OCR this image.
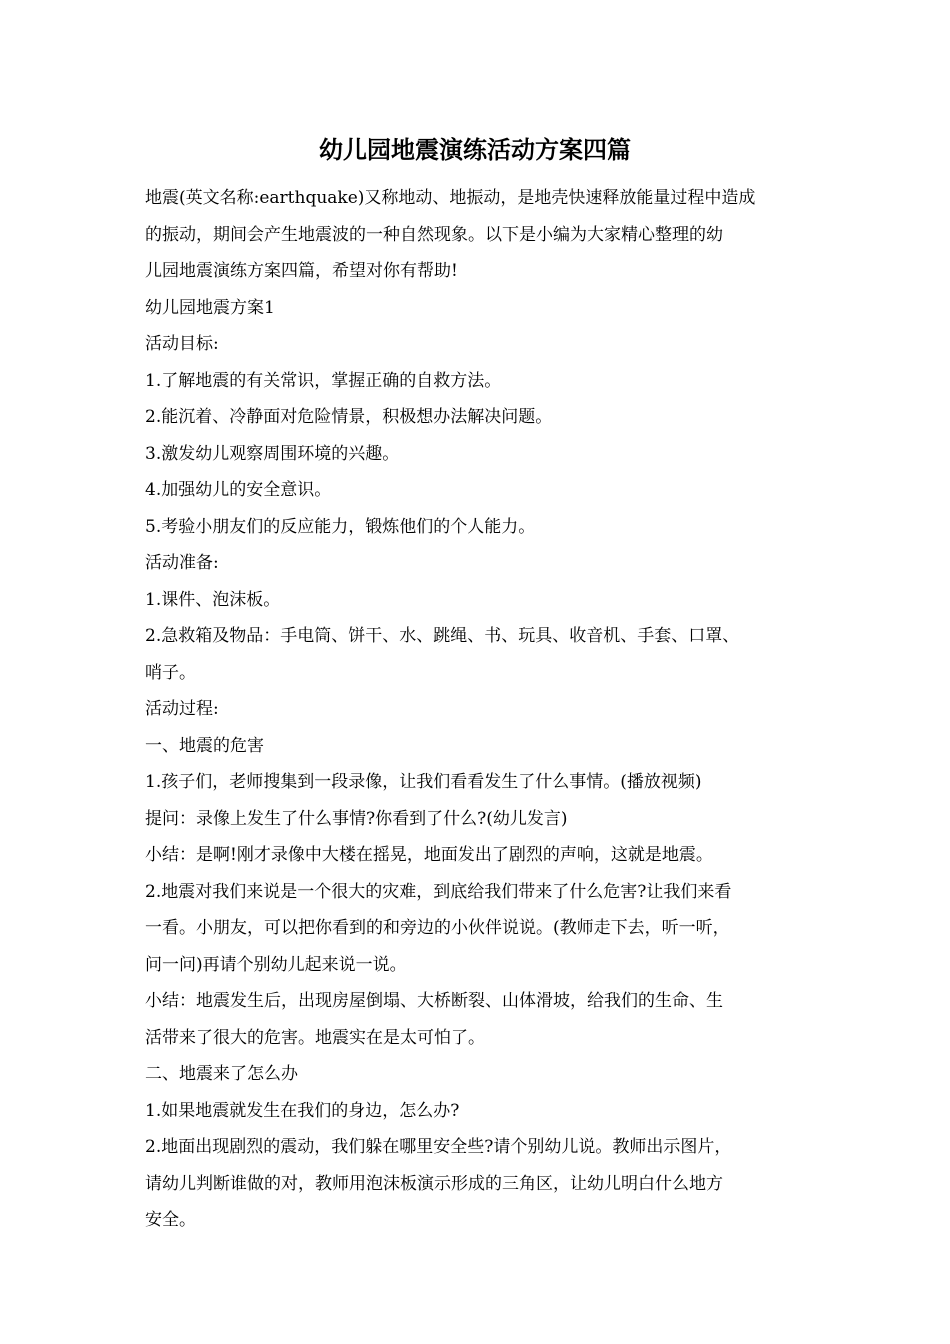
幼儿园地震演练活动方案四篇
地震(英文名称:earthquake)又称地动、地振动，是地壳快速释放能量过程中造成
的振动，期间会产生地震波的一种自然现象。以下是小编为大家精心整理的幼
儿园地震演练方案四篇，希望对你有帮助!
幼儿园地震方案1
活动目标:
1.了解地震的有关常识，掌握正确的自救方法。
2.能沉着、冷静面对危险情景，积极想办法解决问题。
3.激发幼儿观察周围环境的兴趣。
4.加强幼儿的安全意识。
5.考验小朋友们的反应能力，锻炼他们的个人能力。
活动准备:
1.课件、泡沫板。
2.急救箱及物品：手电筒、饼干、水、跳绳、书、玩具、收音机、手套、口罩、
哨子。
活动过程:
一、地震的危害
1.孩子们，老师搜集到一段录像，让我们看看发生了什么事情。(播放视频)
提问：录像上发生了什么事情?你看到了什么?(幼儿发言)
小结：是啊!刚才录像中大楼在摇晃，地面发出了剧烈的声响，这就是地震。
2.地震对我们来说是一个很大的灾难，到底给我们带来了什么危害?让我们来看
一看。小朋友，可以把你看到的和旁边的小伙伴说说。(教师走下去，听一听，
问一问)再请个别幼儿起来说一说。
小结：地震发生后，出现房屋倒塌、大桥断裂、山体滑坡，给我们的生命、生
活带来了很大的危害。地震实在是太可怕了。
二、地震来了怎么办
1.如果地震就发生在我们的身边，怎么办?
2.地面出现剧烈的震动，我们躲在哪里安全些?请个别幼儿说。教师出示图片，
请幼儿判断谁做的对，教师用泡沫板演示形成的三角区，让幼儿明白什么地方
安全。
